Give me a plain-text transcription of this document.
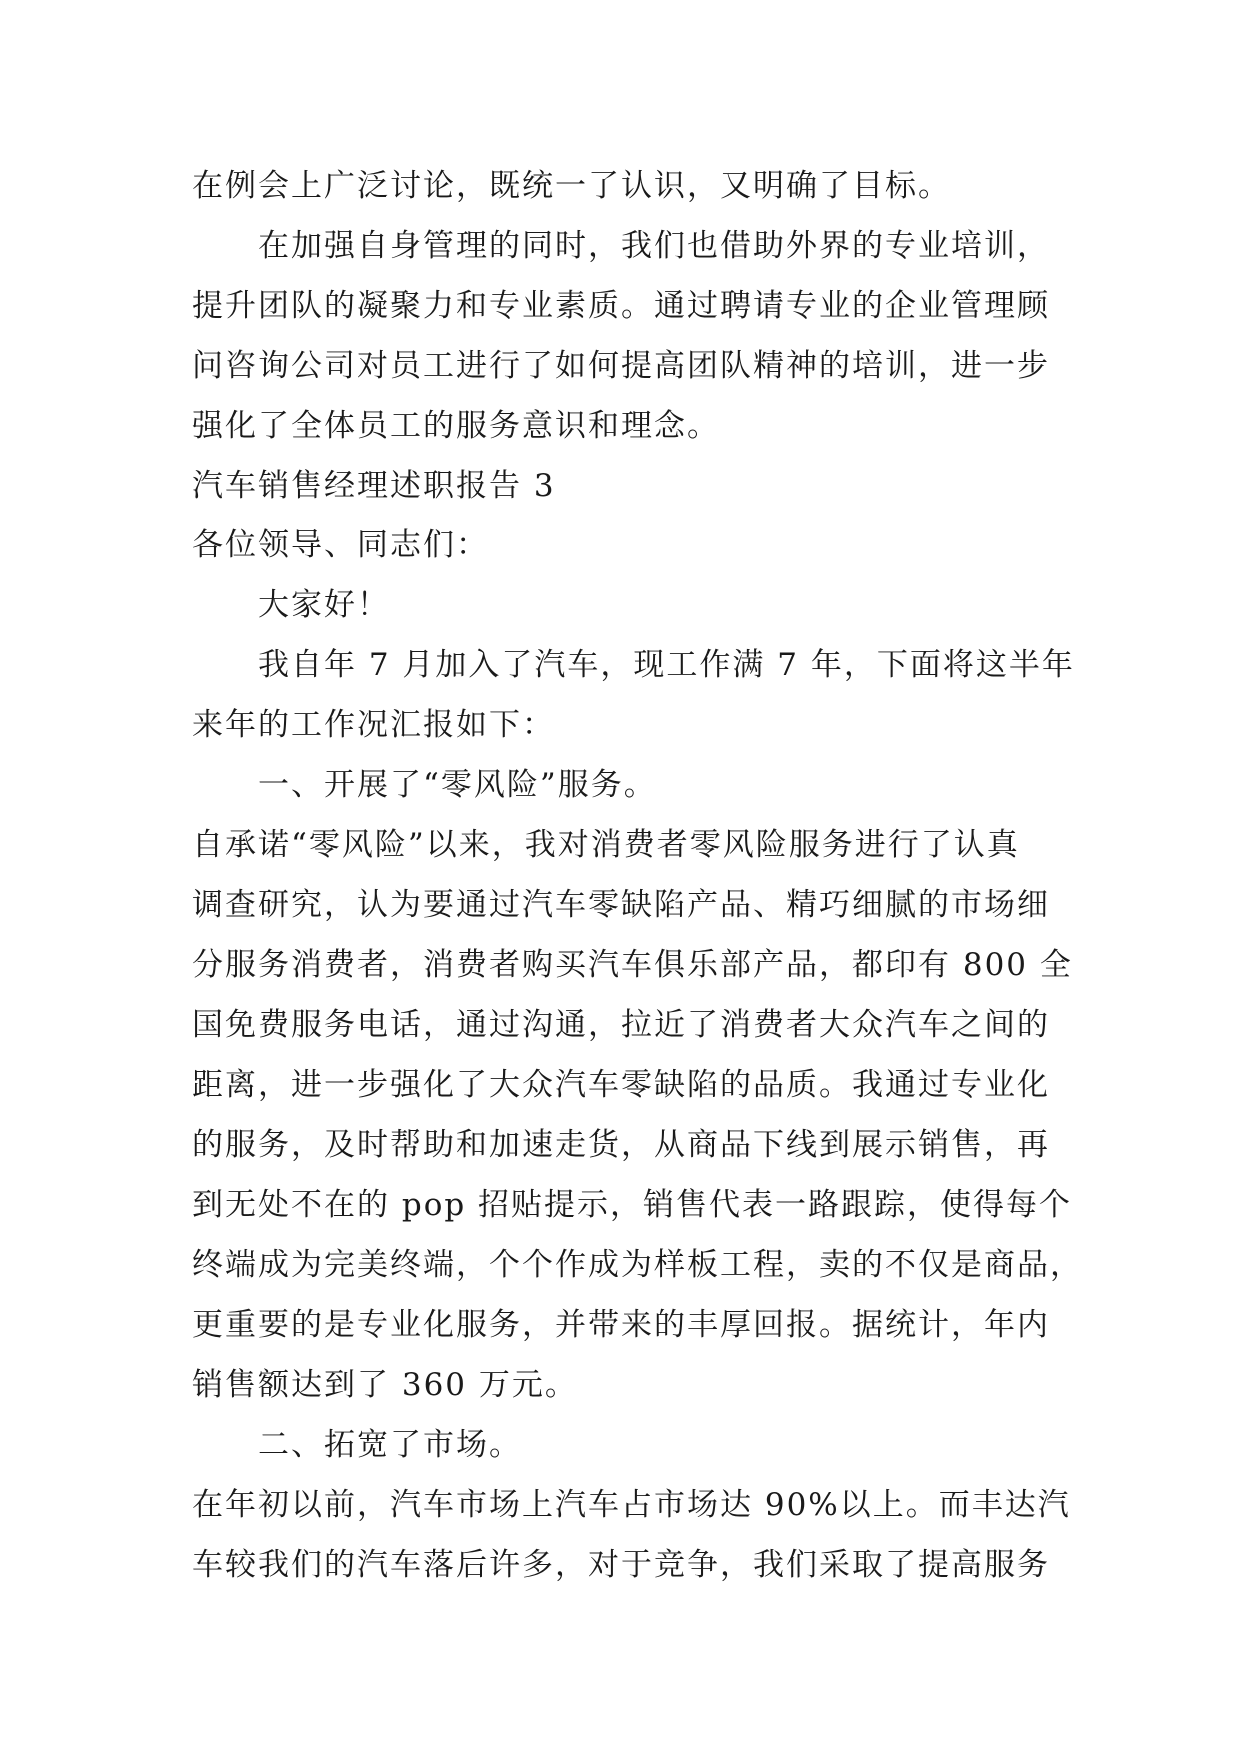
在例会上广泛讨论，既统一了认识，又明确了目标。
在加强自身管理的同时，我们也借助外界的专业培训，
提升团队的凝聚力和专业素质。通过聘请专业的企业管理顾
问咨询公司对员工进行了如何提高团队精神的培训，进一步
强化了全体员工的服务意识和理念。
汽车销售经理述职报告 3
各位领导、同志们：
大家好！
我自年 7 月加入了汽车，现工作满 7 年，下面将这半年
来年的工作况汇报如下：
一、开展了“零风险”服务。
自承诺“零风险”以来，我对消费者零风险服务进行了认真
调查研究，认为要通过汽车零缺陷产品、精巧细腻的市场细
分服务消费者，消费者购买汽车俱乐部产品，都印有 800 全
国免费服务电话，通过沟通，拉近了消费者大众汽车之间的
距离，进一步强化了大众汽车零缺陷的品质。我通过专业化
的服务，及时帮助和加速走货，从商品下线到展示销售，再
到无处不在的 pop 招贴提示，销售代表一路跟踪，使得每个
终端成为完美终端，个个作成为样板工程，卖的不仅是商品，
更重要的是专业化服务，并带来的丰厚回报。据统计，年内
销售额达到了 360 万元。
二、拓宽了市场。
在年初以前，汽车市场上汽车占市场达 90%以上。而丰达汽
车较我们的汽车落后许多，对于竞争，我们采取了提高服务
